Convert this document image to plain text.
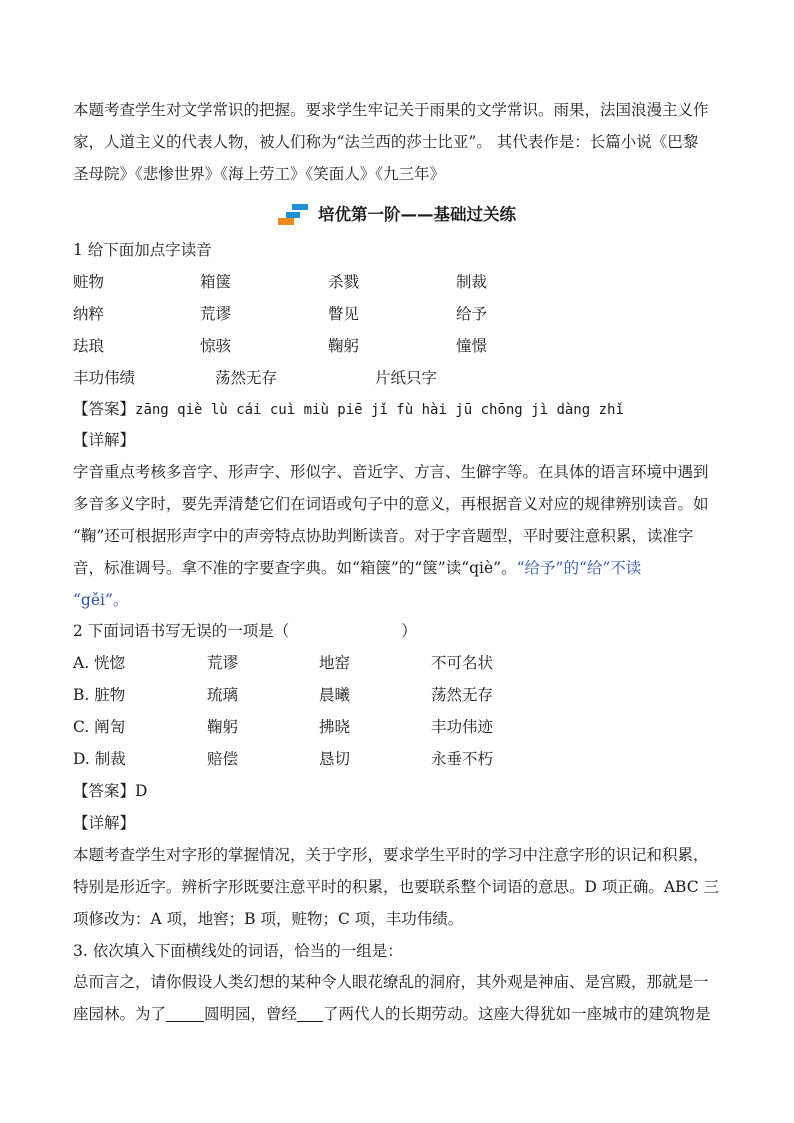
本题考查学生对文学常识的把握。要求学生牢记关于雨果的文学常识。雨果，法国浪漫主义作
家，人道主义的代表人物，被人们称为“法兰西的莎士比亚”。 其代表作是：长篇小说《巴黎
圣母院》《悲惨世界》《海上劳工》《笑面人》《九三年》
培优第一阶——基础过关练
1 给下面加点字读音
赃物	箱箧	杀戮	制裁
纳粹	荒谬	瞥见	给予
珐琅	惊骇	鞠躬	憧憬
丰功伟绩	荡然无存	片纸只字
【答案】zāng qiè lù cái cuì miù piē jǐ fù hài jū chōng jì dàng zhǐ
【详解】
字音重点考核多音字、形声字、形似字、音近字、方言、生僻字等。在具体的语言环境中遇到
多音多义字时，要先弄清楚它们在词语或句子中的意义，再根据音义对应的规律辨别读音。如
“鞠”还可根据形声字中的声旁特点协助判断读音。对于字音题型，平时要注意积累，读准字
音，标准调号。拿不准的字要查字典。如“箱箧”的“箧”读“qiè”。“给予”的“给”不读
“gěi”。
2 下面词语书写无误的一项是（	）
A. 恍惚	荒谬	地窑	不可名状
B. 脏物	琉璃	晨曦	荡然无存
C. 阐訇	鞠躬	拂晓	丰功伟迹
D. 制裁	赔偿	恳切	永垂不朽
【答案】D
【详解】
本题考查学生对字形的掌握情况，关于字形，要求学生平时的学习中注意字形的识记和积累，
特别是形近字。辨析字形既要注意平时的积累，也要联系整个词语的意思。D 项正确。ABC 三
项修改为：A 项，地窖；B 项，赃物；C 项，丰功伟绩。
3. 依次填入下面横线处的词语，恰当的一组是：
总而言之，请你假设人类幻想的某种令人眼花缭乱的洞府，其外观是神庙、是宫殿，那就是一
座园林。为了 圆明园，曾经 了两代人的长期劳动。这座大得犹如一座城市的建筑物是
